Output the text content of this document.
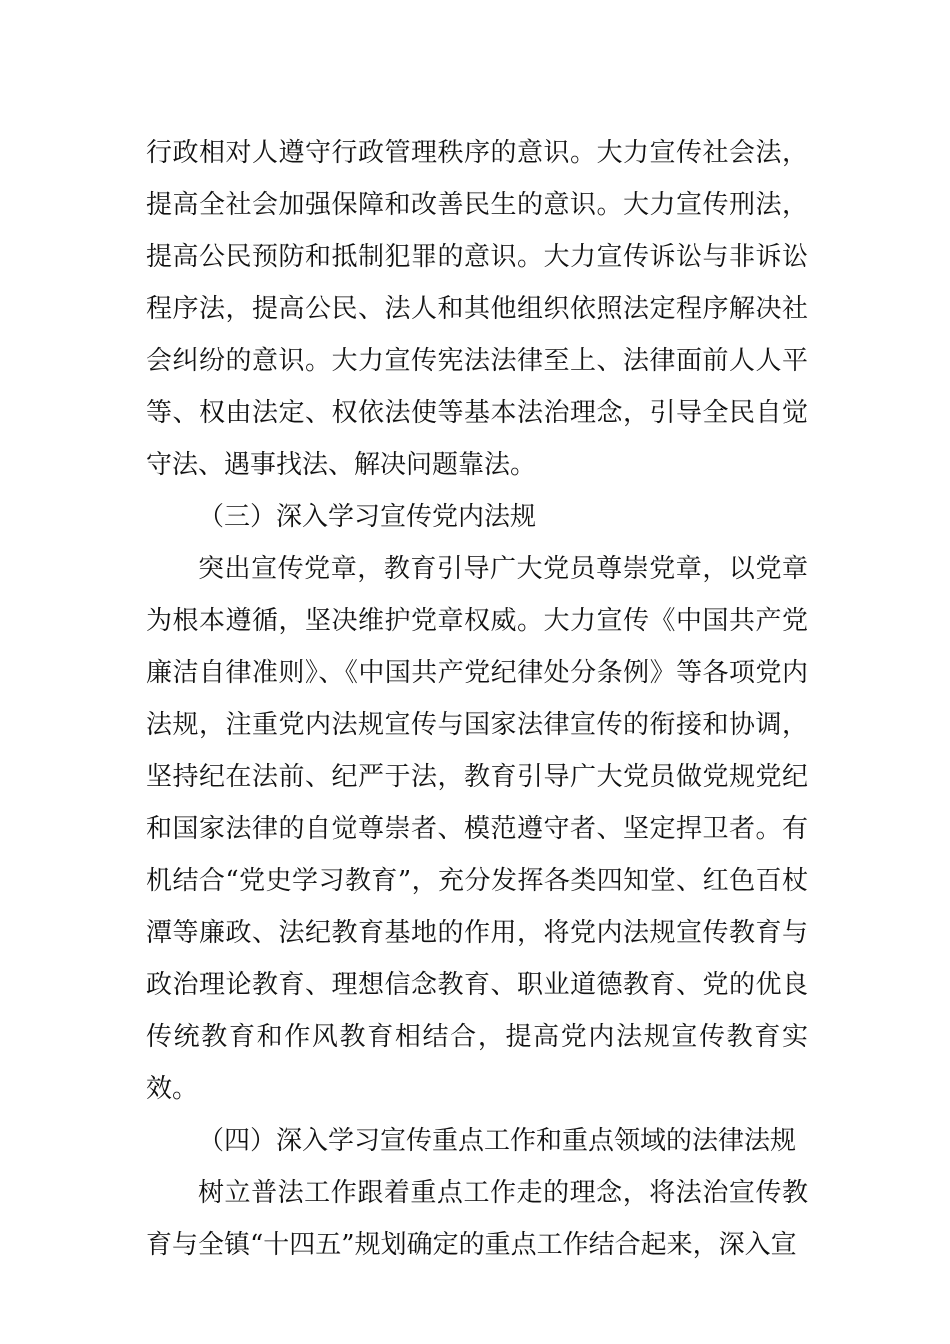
行政相对人遵守行政管理秩序的意识。大力宣传社会法，提高全社会加强保障和改善民生的意识。大力宣传刑法，提高公民预防和抵制犯罪的意识。大力宣传诉讼与非诉讼程序法，提高公民、法人和其他组织依照法定程序解决社会纠纷的意识。大力宣传宪法法律至上、法律面前人人平等、权由法定、权依法使等基本法治理念，引导全民自觉守法、遇事找法、解决问题靠法。

（三）深入学习宣传党内法规

突出宣传党章，教育引导广大党员尊崇党章，以党章为根本遵循，坚决维护党章权威。大力宣传《中国共产党廉洁自律准则》、《中国共产党纪律处分条例》等各项党内法规，注重党内法规宣传与国家法律宣传的衔接和协调，坚持纪在法前、纪严于法，教育引导广大党员做党规党纪和国家法律的自觉尊崇者、模范遵守者、坚定捍卫者。有机结合“党史学习教育”，充分发挥各类四知堂、红色百杖潭等廉政、法纪教育基地的作用，将党内法规宣传教育与政治理论教育、理想信念教育、职业道德教育、党的优良传统教育和作风教育相结合，提高党内法规宣传教育实效。

（四）深入学习宣传重点工作和重点领域的法律法规

树立普法工作跟着重点工作走的理念，将法治宣传教育与全镇“十四五”规划确定的重点工作结合起来，深入宣
